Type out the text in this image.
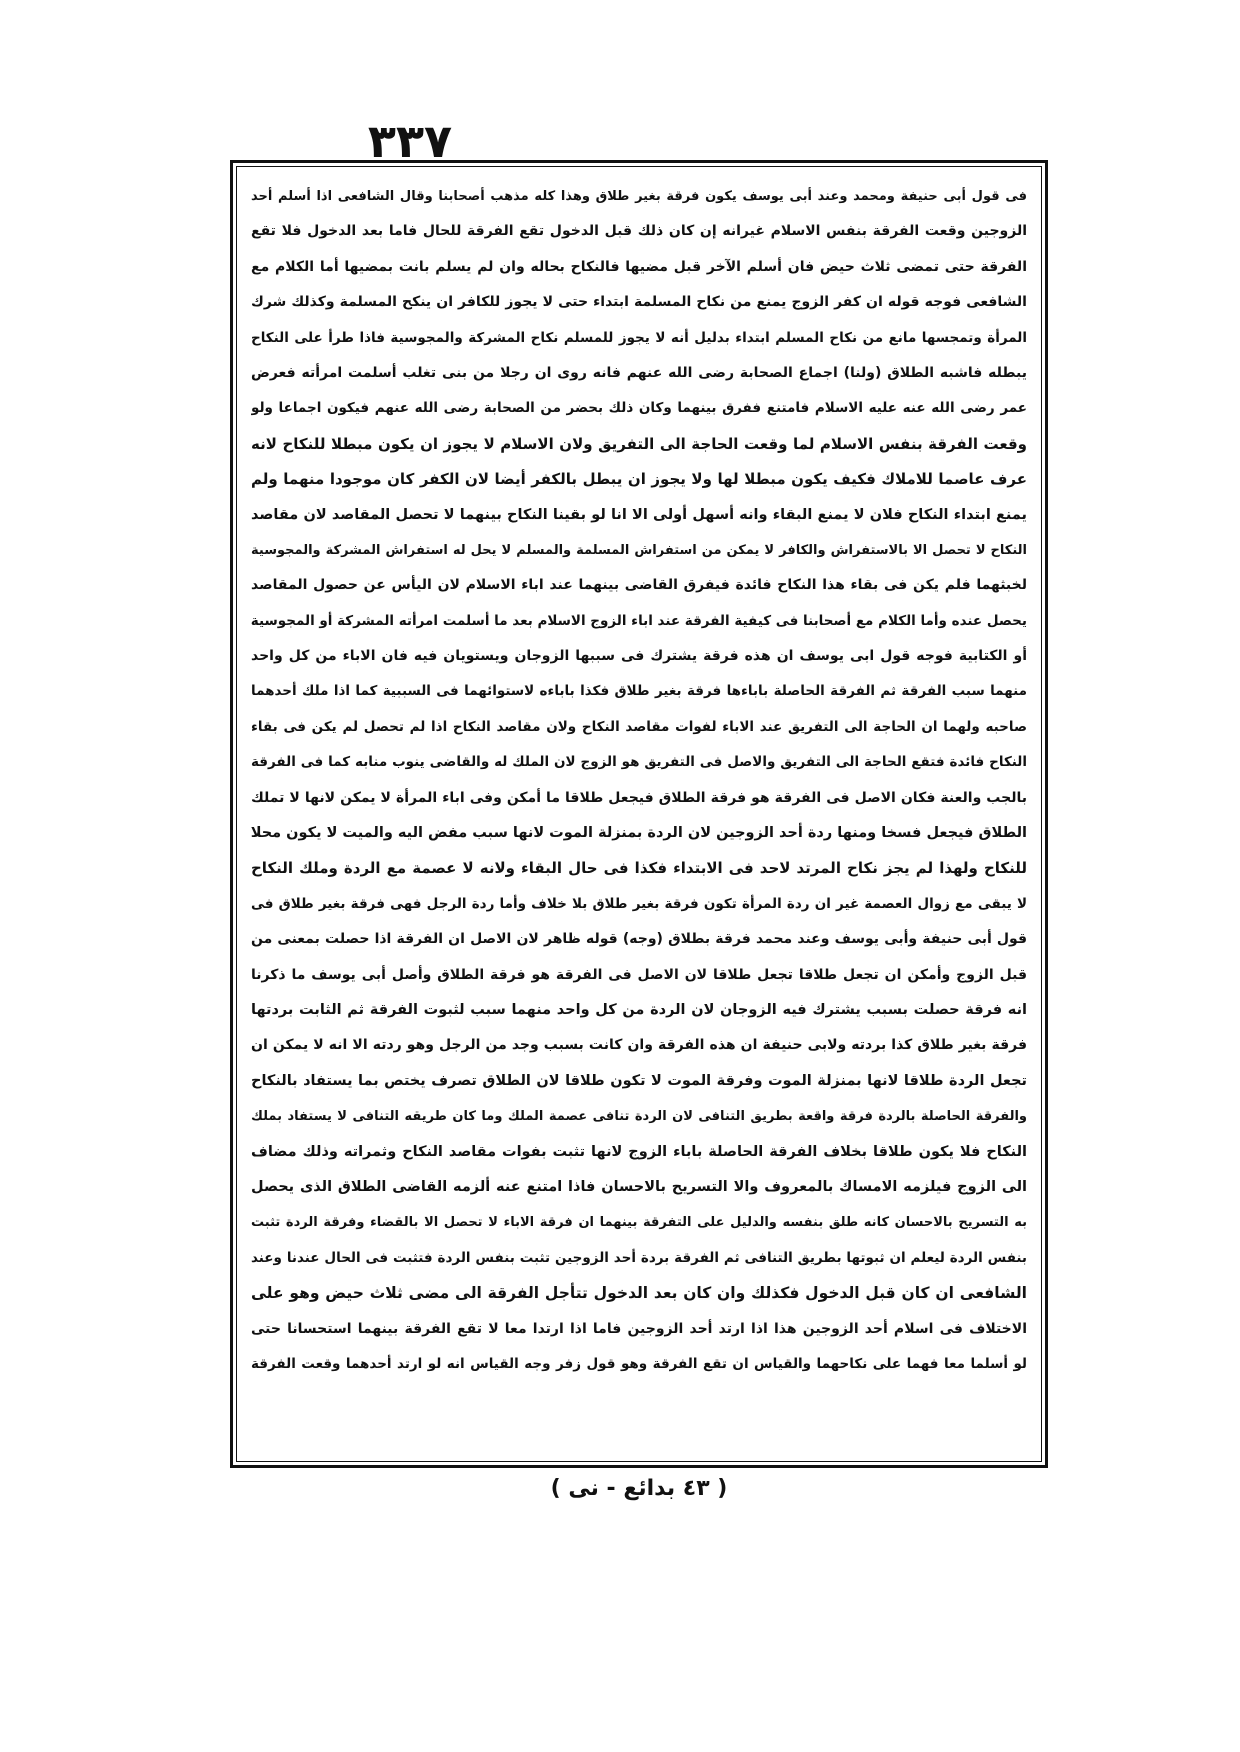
٣٣٧
فى قول أبى حنيفة ومحمد وعند أبى يوسف يكون فرقة بغير طلاق وهذا كله مذهب أصحابنا وقال الشافعى اذا أسلم أحد
الزوجين وقعت الفرقة بنفس الاسلام غيرانه إن كان ذلك قبل الدخول تقع الفرقة للحال فاما بعد الدخول فلا تقع
الفرقة حتى تمضى ثلاث حيض فان أسلم الآخر قبل مضيها فالنكاح بحاله وان لم يسلم بانت بمضيها أما الكلام مع
الشافعى فوجه قوله ان كفر الزوج يمنع من نكاح المسلمة ابتداء حتى لا يجوز للكافر ان ينكح المسلمة وكذلك شرك
المرأة وتمجسها مانع من نكاح المسلم ابتداء بدليل أنه لا يجوز للمسلم نكاح المشركة والمجوسية فاذا طرأ على النكاح
يبطله فاشبه الطلاق (ولنا) اجماع الصحابة رضى الله عنهم فانه روى ان رجلا من بنى تغلب أسلمت امرأته فعرض
عمر رضى الله عنه عليه الاسلام فامتنع ففرق بينهما وكان ذلك بحضر من الصحابة رضى الله عنهم فيكون اجماعا ولو
وقعت الفرقة بنفس الاسلام لما وقعت الحاجة الى التفريق ولان الاسلام لا يجوز ان يكون مبطلا للنكاح لانه
عرف عاصما للاملاك فكيف يكون مبطلا لها ولا يجوز ان يبطل بالكفر أيضا لان الكفر كان موجودا منهما ولم
يمنع ابتداء النكاح فلان لا يمنع البقاء وانه أسهل أولى الا انا لو بقينا النكاح بينهما لا تحصل المقاصد لان مقاصد
النكاح لا تحصل الا بالاستفراش والكافر لا يمكن من استفراش المسلمة والمسلم لا يحل له استفراش المشركة والمجوسية
لخبثهما فلم يكن فى بقاء هذا النكاح فائدة فيفرق القاضى بينهما عند اباء الاسلام لان اليأس عن حصول المقاصد
يحصل عنده وأما الكلام مع أصحابنا فى كيفية الفرقة عند اباء الزوج الاسلام بعد ما أسلمت امرأته المشركة أو المجوسية
أو الكتابية فوجه قول ابى يوسف ان هذه فرقة يشترك فى سببها الزوجان ويستويان فيه فان الاباء من كل واحد
منهما سبب الفرقة ثم الفرقة الحاصلة باباءها فرقة بغير طلاق فكذا باباءه لاستوائهما فى السببية كما اذا ملك أحدهما
صاحبه ولهما ان الحاجة الى التفريق عند الاباء لفوات مقاصد النكاح ولان مقاصد النكاح اذا لم تحصل لم يكن فى بقاء
النكاح فائدة فتقع الحاجة الى التفريق والاصل فى التفريق هو الزوج لان الملك له والقاضى ينوب منابه كما فى الفرقة
بالجب والعنة فكان الاصل فى الفرقة هو فرقة الطلاق فيجعل طلاقا ما أمكن وفى اباء المرأة لا يمكن لانها لا تملك
الطلاق فيجعل فسخا ومنها ردة أحد الزوجين لان الردة بمنزلة الموت لانها سبب مفض اليه والميت لا يكون محلا
للنكاح ولهذا لم يجز نكاح المرتد لاحد فى الابتداء فكذا فى حال البقاء ولانه لا عصمة مع الردة وملك النكاح
لا يبقى مع زوال العصمة غير ان ردة المرأة تكون فرقة بغير طلاق بلا خلاف وأما ردة الرجل فهى فرقة بغير طلاق فى
قول أبى حنيفة وأبى يوسف وعند محمد فرقة بطلاق (وجه) قوله ظاهر لان الاصل ان الفرقة اذا حصلت بمعنى من
قبل الزوج وأمكن ان تجعل طلاقا تجعل طلاقا لان الاصل فى الفرقة هو فرقة الطلاق وأصل أبى يوسف ما ذكرنا
انه فرقة حصلت بسبب يشترك فيه الزوجان لان الردة من كل واحد منهما سبب لثبوت الفرقة ثم الثابت بردتها
فرقة بغير طلاق كذا بردته ولابى حنيفة ان هذه الفرقة وان كانت بسبب وجد من الرجل وهو ردته الا انه لا يمكن ان
تجعل الردة طلاقا لانها بمنزلة الموت وفرقة الموت لا تكون طلاقا لان الطلاق تصرف يختص بما يستفاد بالنكاح
والفرقة الحاصلة بالردة فرقة واقعة بطريق التنافى لان الردة تنافى عصمة الملك وما كان طريقه التنافى لا يستفاد بملك
النكاح فلا يكون طلاقا بخلاف الفرقة الحاصلة باباء الزوج لانها تثبت بفوات مقاصد النكاح وثمراته وذلك مضاف
الى الزوج فيلزمه الامساك بالمعروف والا التسريح بالاحسان فاذا امتنع عنه ألزمه القاضى الطلاق الذى يحصل
به التسريح بالاحسان كانه طلق بنفسه والدليل على التفرقة بينهما ان فرقة الاباء لا تحصل الا بالقضاء وفرقة الردة تثبت
بنفس الردة ليعلم ان ثبوتها بطريق التنافى ثم الفرقة بردة أحد الزوجين تثبت بنفس الردة فتثبت فى الحال عندنا وعند
الشافعى ان كان قبل الدخول فكذلك وان كان بعد الدخول تتأجل الفرقة الى مضى ثلاث حيض وهو على
الاختلاف فى اسلام أحد الزوجين هذا اذا ارتد أحد الزوجين فاما اذا ارتدا معا لا تقع الفرقة بينهما استحسانا حتى
لو أسلما معا فهما على نكاحهما والقياس ان تقع الفرقة وهو قول زفر وجه القياس انه لو ارتد أحدهما وقعت الفرقة
( ٤٣ بدائع - نى )
